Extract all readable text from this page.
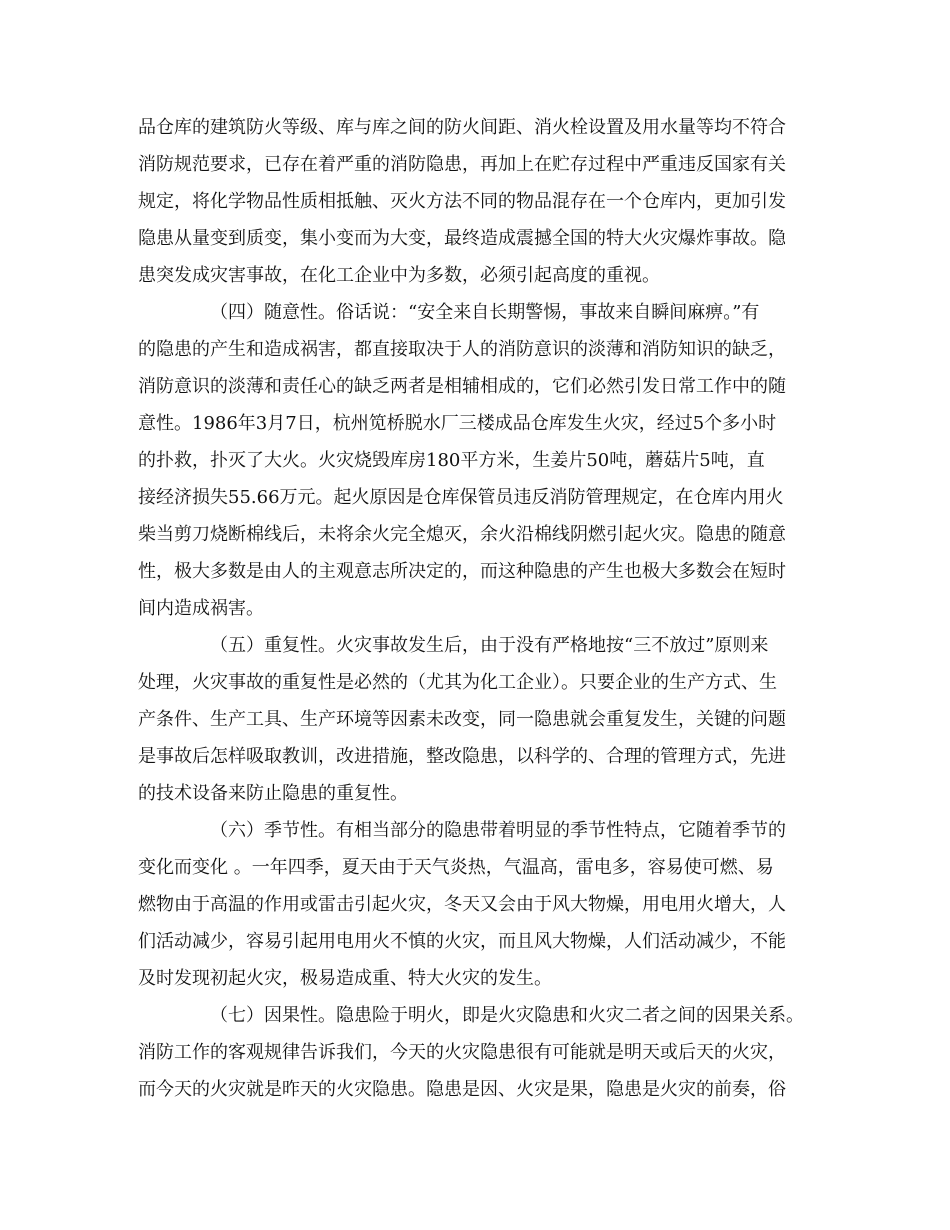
品仓库的建筑防火等级、库与库之间的防火间距、消火栓设置及用水量等均不符合
消防规范要求，已存在着严重的消防隐患，再加上在贮存过程中严重违反国家有关
规定，将化学物品性质相抵触、灭火方法不同的物品混存在一个仓库内，更加引发
隐患从量变到质变，集小变而为大变，最终造成震撼全国的特大火灾爆炸事故。隐
患突发成灾害事故，在化工企业中为多数，必须引起高度的重视。
（四）随意性。俗话说：“安全来自长期警惕，事故来自瞬间麻痹。”有
的隐患的产生和造成祸害，都直接取决于人的消防意识的淡薄和消防知识的缺乏，
消防意识的淡薄和责任心的缺乏两者是相辅相成的，它们必然引发日常工作中的随
意性。1986年3月7日，杭州笕桥脱水厂三楼成品仓库发生火灾，经过5个多小时
的扑救，扑灭了大火。火灾烧毁库房180平方米，生姜片50吨，蘑菇片5吨，直
接经济损失55.66万元。起火原因是仓库保管员违反消防管理规定，在仓库内用火
柴当剪刀烧断棉线后，未将余火完全熄灭，余火沿棉线阴燃引起火灾。隐患的随意
性，极大多数是由人的主观意志所决定的，而这种隐患的产生也极大多数会在短时
间内造成祸害。
（五）重复性。火灾事故发生后，由于没有严格地按“三不放过”原则来
处理，火灾事故的重复性是必然的（尤其为化工企业）。只要企业的生产方式、生
产条件、生产工具、生产环境等因素未改变，同一隐患就会重复发生，关键的问题
是事故后怎样吸取教训，改进措施，整改隐患，以科学的、合理的管理方式，先进
的技术设备来防止隐患的重复性。
（六）季节性。有相当部分的隐患带着明显的季节性特点，它随着季节的
变化而变化 。一年四季，夏天由于天气炎热，气温高，雷电多，容易使可燃、易
燃物由于高温的作用或雷击引起火灾，冬天又会由于风大物燥，用电用火增大，人
们活动减少，容易引起用电用火不慎的火灾，而且风大物燥，人们活动减少，不能
及时发现初起火灾，极易造成重、特大火灾的发生。
（七）因果性。隐患险于明火，即是火灾隐患和火灾二者之间的因果关系。
消防工作的客观规律告诉我们，今天的火灾隐患很有可能就是明天或后天的火灾，
而今天的火灾就是昨天的火灾隐患。隐患是因、火灾是果，隐患是火灾的前奏，俗
